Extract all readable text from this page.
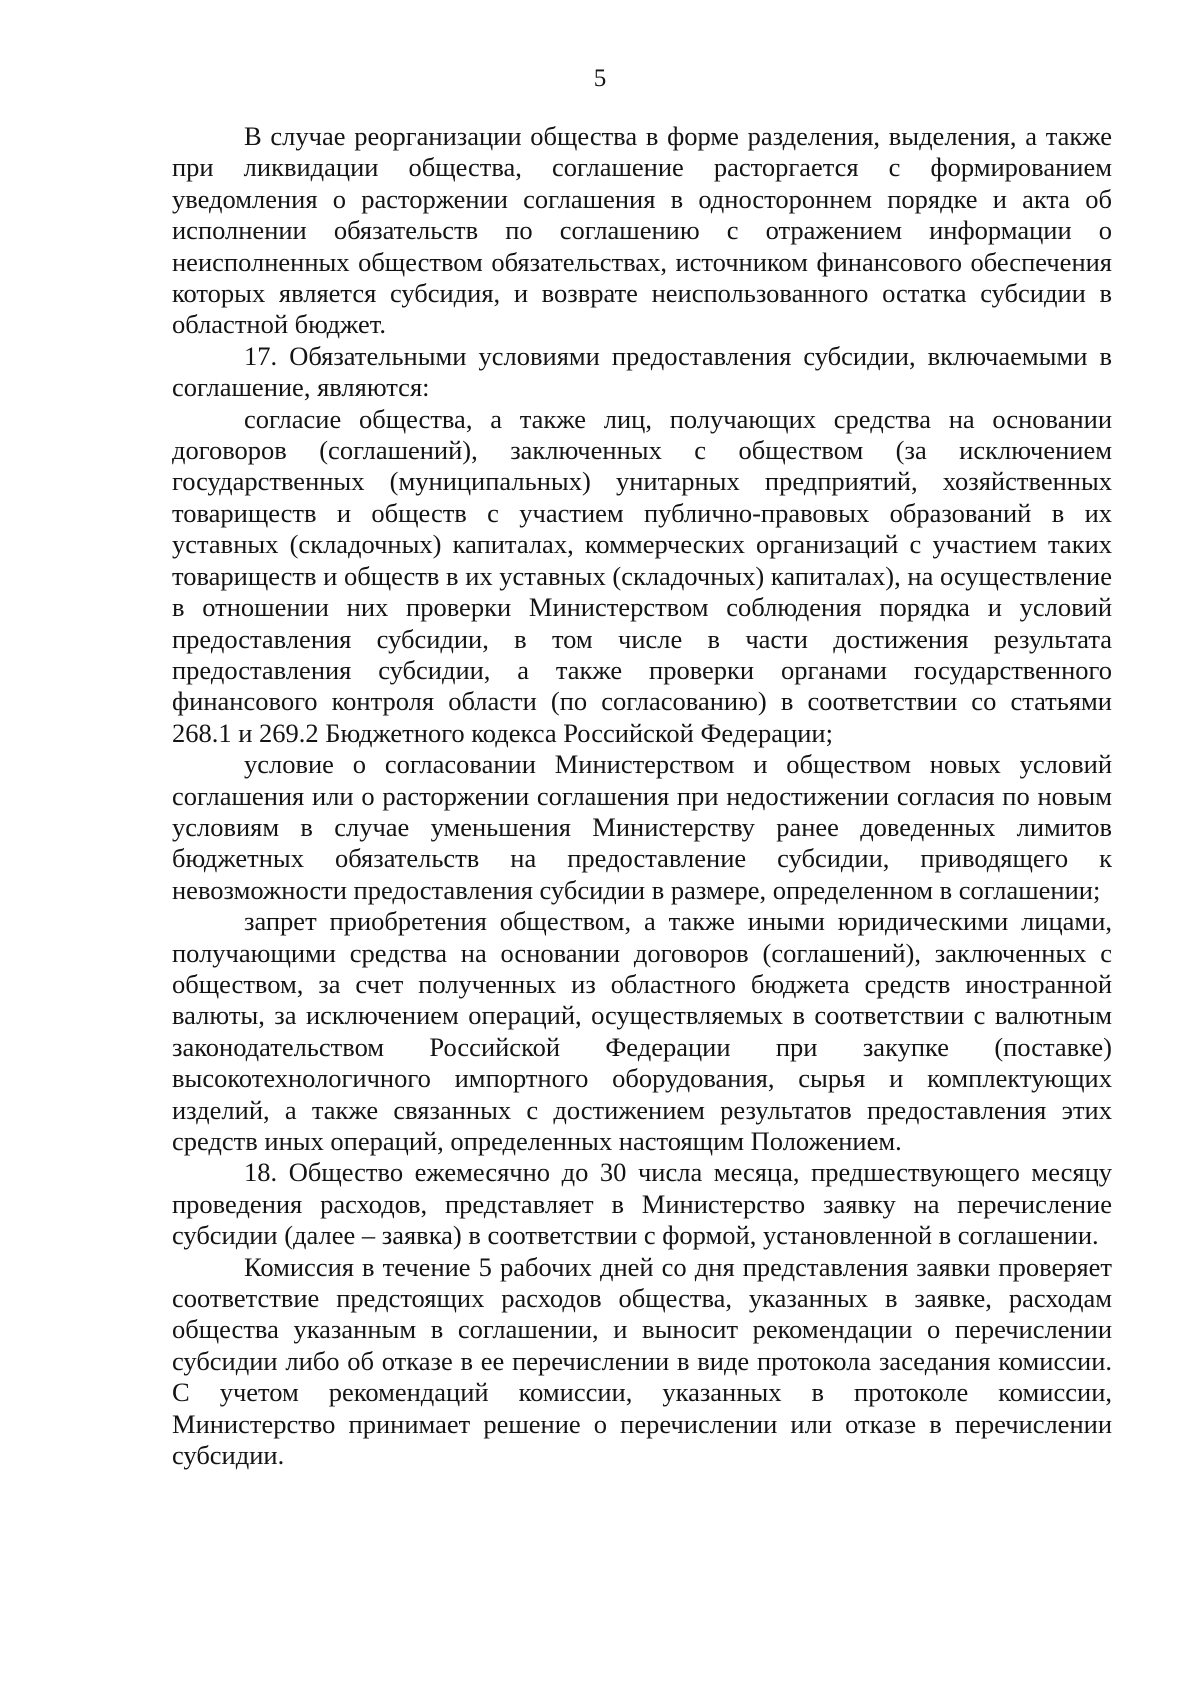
5

В случае реорганизации общества в форме разделения, выделения, а также при ликвидации общества, соглашение расторгается с формированием уведомления о расторжении соглашения в одностороннем порядке и акта об исполнении обязательств по соглашению с отражением информации о неисполненных обществом обязательствах, источником финансового обеспечения которых является субсидия, и возврате неиспользованного остатка субсидии в областной бюджет.

17. Обязательными условиями предоставления субсидии, включаемыми в соглашение, являются:

согласие общества, а также лиц, получающих средства на основании договоров (соглашений), заключенных с обществом (за исключением государственных (муниципальных) унитарных предприятий, хозяйственных товариществ и обществ с участием публично-правовых образований в их уставных (складочных) капиталах, коммерческих организаций с участием таких товариществ и обществ в их уставных (складочных) капиталах), на осуществление в отношении них проверки Министерством соблюдения порядка и условий предоставления субсидии, в том числе в части достижения результата предоставления субсидии, а также проверки органами государственного финансового контроля области (по согласованию) в соответствии со статьями 268.1 и 269.2 Бюджетного кодекса Российской Федерации;

условие о согласовании Министерством и обществом новых условий соглашения или о расторжении соглашения при недостижении согласия по новым условиям в случае уменьшения Министерству ранее доведенных лимитов бюджетных обязательств на предоставление субсидии, приводящего к невозможности предоставления субсидии в размере, определенном в соглашении;

запрет приобретения обществом, а также иными юридическими лицами, получающими средства на основании договоров (соглашений), заключенных с обществом, за счет полученных из областного бюджета средств иностранной валюты, за исключением операций, осуществляемых в соответствии с валютным законодательством Российской Федерации при закупке (поставке) высокотехнологичного импортного оборудования, сырья и комплектующих изделий, а также связанных с достижением результатов предоставления этих средств иных операций, определенных настоящим Положением.

18. Общество ежемесячно до 30 числа месяца, предшествующего месяцу проведения расходов, представляет в Министерство заявку на перечисление субсидии (далее – заявка) в соответствии с формой, установленной в соглашении.

Комиссия в течение 5 рабочих дней со дня представления заявки проверяет соответствие предстоящих расходов общества, указанных в заявке, расходам общества указанным в соглашении, и выносит рекомендации о перечислении субсидии либо об отказе в ее перечислении в виде протокола заседания комиссии. С учетом рекомендаций комиссии, указанных в протоколе комиссии, Министерство принимает решение о перечислении или отказе в перечислении субсидии.
